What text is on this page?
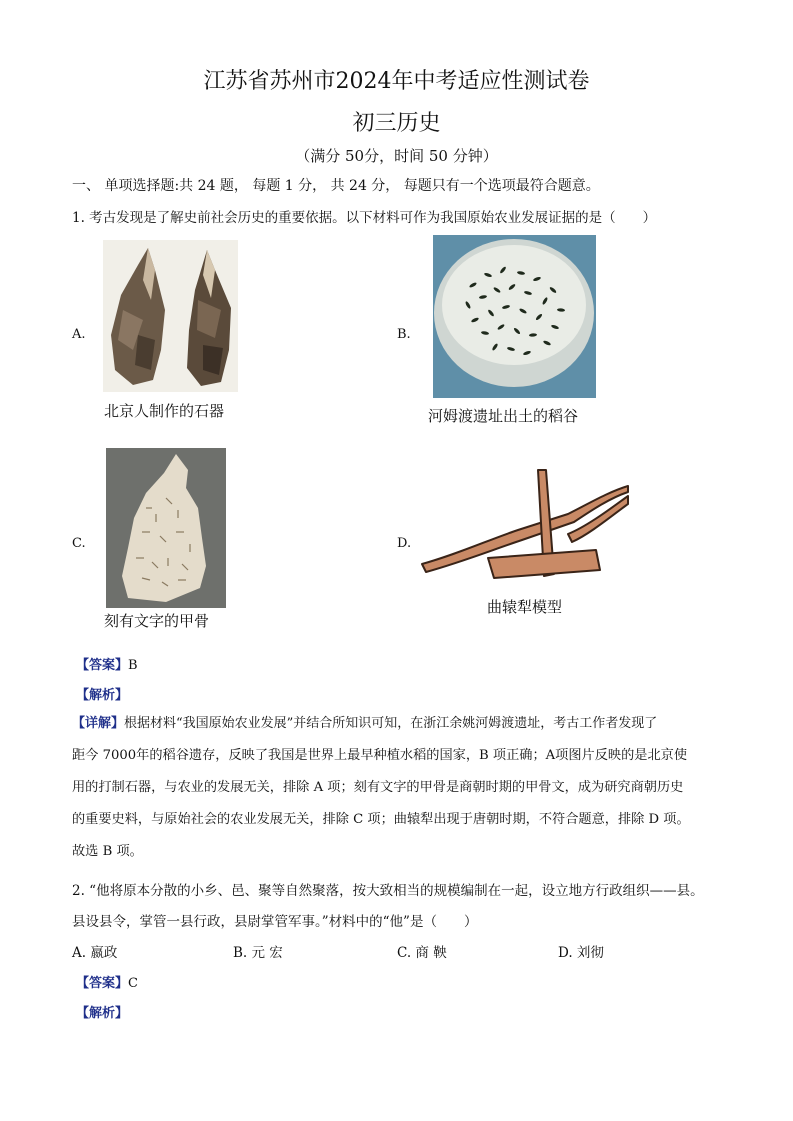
江苏省苏州市2024年中考适应性测试卷
初三历史
（满分 50分，时间 50 分钟）
一、 单项选择题:共 24 题， 每题 1 分， 共 24 分， 每题只有一个选项最符合题意。
1. 考古发现是了解史前社会历史的重要依据。以下材料可作为我国原始农业发展证据的是（　　）
A.
北京人制作的石器
B.
河姆渡遗址出土的稻谷
C.
刻有文字的甲骨
D.
曲辕犁模型
【答案】B
【解析】
【详解】根据材料“我国原始农业发展”并结合所知识可知，在浙江余姚河姆渡遗址，考古工作者发现了
距今 7000年的稻谷遗存，反映了我国是世界上最早种植水稻的国家，B 项正确；A项图片反映的是北京使
用的打制石器，与农业的发展无关，排除 A 项；刻有文字的甲骨是商朝时期的甲骨文，成为研究商朝历史
的重要史料，与原始社会的农业发展无关，排除 C 项；曲辕犁出现于唐朝时期，不符合题意，排除 D 项。
故选 B 项。
2. “他将原本分散的小乡、邑、聚等自然聚落，按大致相当的规模编制在一起，设立地方行政组织——县。
县设县令，掌管一县行政，县尉掌管军事。”材料中的“他”是（　　）
A. 嬴政	B. 元 宏	C. 商 鞅	D. 刘彻
【答案】C
【解析】
